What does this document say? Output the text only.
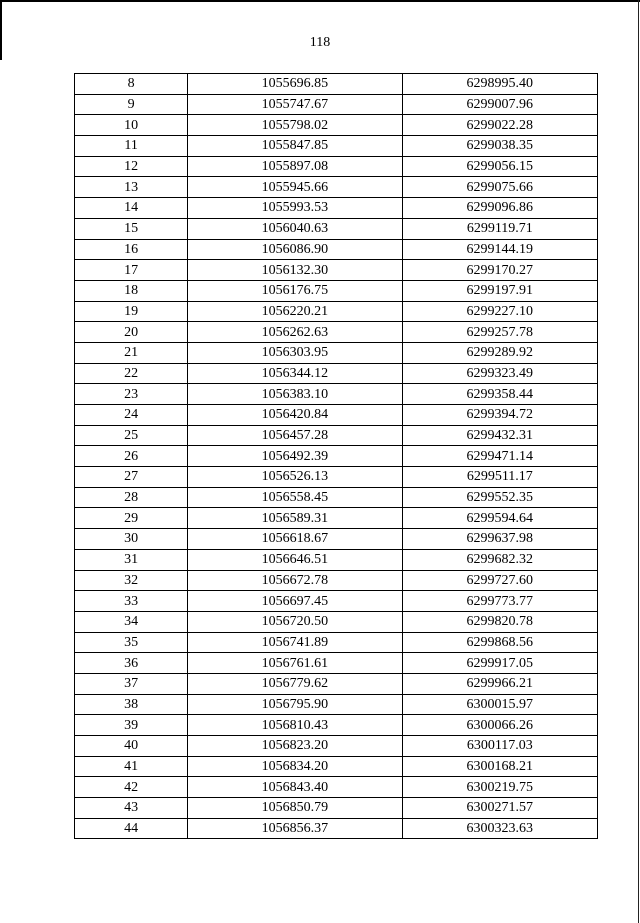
118
8	1055696.85	6298995.40
9	1055747.67	6299007.96
10	1055798.02	6299022.28
11	1055847.85	6299038.35
12	1055897.08	6299056.15
13	1055945.66	6299075.66
14	1055993.53	6299096.86
15	1056040.63	6299119.71
16	1056086.90	6299144.19
17	1056132.30	6299170.27
18	1056176.75	6299197.91
19	1056220.21	6299227.10
20	1056262.63	6299257.78
21	1056303.95	6299289.92
22	1056344.12	6299323.49
23	1056383.10	6299358.44
24	1056420.84	6299394.72
25	1056457.28	6299432.31
26	1056492.39	6299471.14
27	1056526.13	6299511.17
28	1056558.45	6299552.35
29	1056589.31	6299594.64
30	1056618.67	6299637.98
31	1056646.51	6299682.32
32	1056672.78	6299727.60
33	1056697.45	6299773.77
34	1056720.50	6299820.78
35	1056741.89	6299868.56
36	1056761.61	6299917.05
37	1056779.62	6299966.21
38	1056795.90	6300015.97
39	1056810.43	6300066.26
40	1056823.20	6300117.03
41	1056834.20	6300168.21
42	1056843.40	6300219.75
43	1056850.79	6300271.57
44	1056856.37	6300323.63
